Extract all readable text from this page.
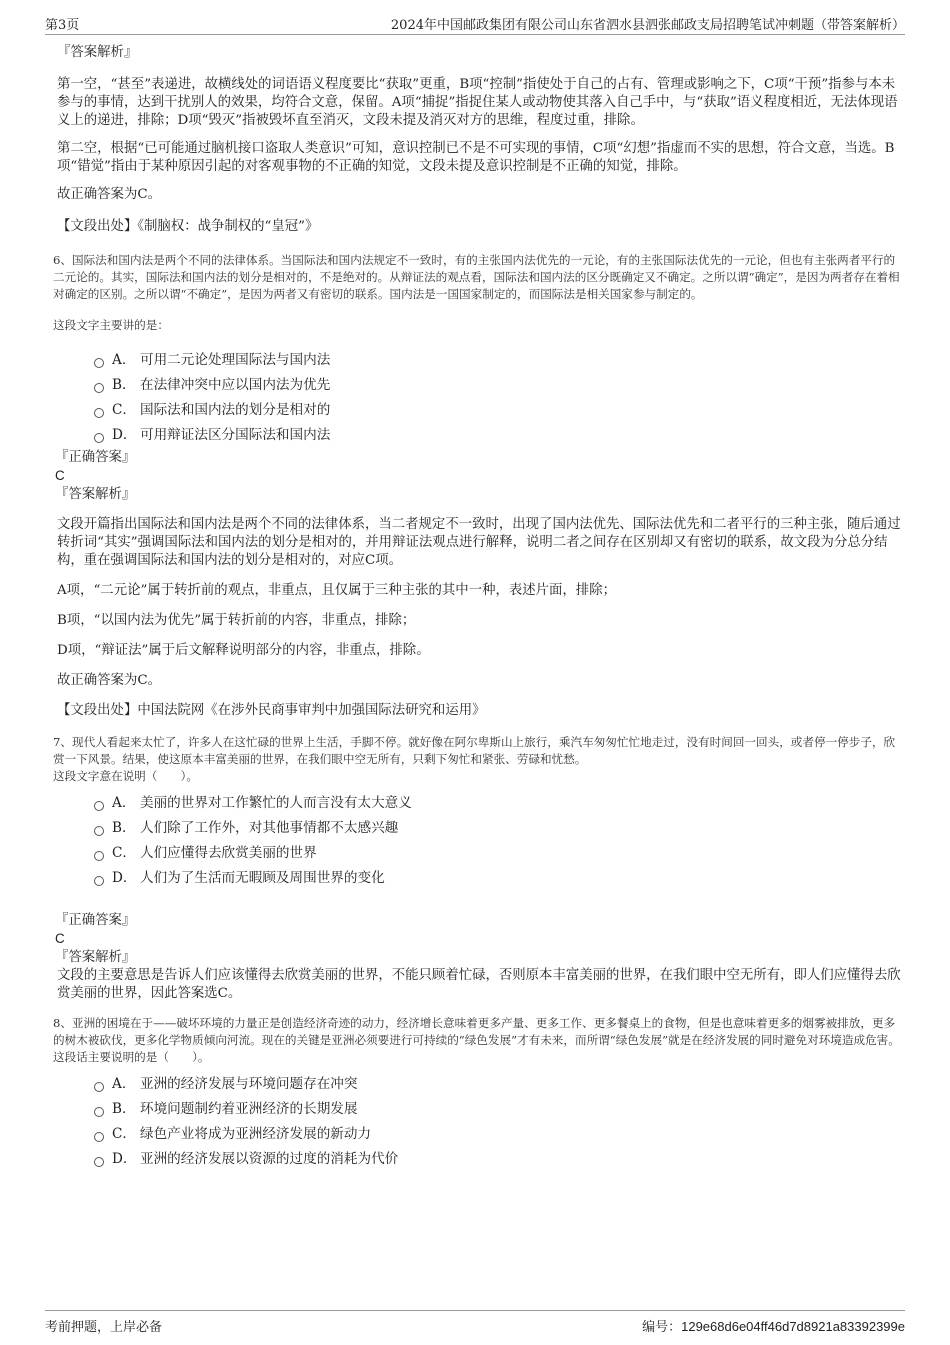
第3页	2024年中国邮政集团有限公司山东省泗水县泗张邮政支局招聘笔试冲刺题（带答案解析）

『答案解析』

第一空，“甚至”表递进，故横线处的词语语义程度要比“获取”更重，B项“控制”指使处于自己的占有、管理或影响之下，C项“干预”指参与本未参与的事情，达到干扰别人的效果，均符合文意，保留。A项“捕捉”指捉住某人或动物使其落入自己手中，与“获取”语义程度相近，无法体现语义上的递进，排除；D项“毁灭”指被毁坏直至消灭，文段未提及消灭对方的思维，程度过重，排除。

第二空，根据“已可能通过脑机接口盗取人类意识”可知，意识控制已不是不可实现的事情，C项“幻想”指虚而不实的思想，符合文意，当选。B项“错觉”指由于某种原因引起的对客观事物的不正确的知觉，文段未提及意识控制是不正确的知觉，排除。

故正确答案为C。

【文段出处】《制脑权：战争制权的“皇冠”》

6、国际法和国内法是两个不同的法律体系。当国际法和国内法规定不一致时，有的主张国内法优先的一元论，有的主张国际法优先的一元论，但也有主张两者平行的二元论的。其实，国际法和国内法的划分是相对的，不是绝对的。从辩证法的观点看，国际法和国内法的区分既确定又不确定。之所以谓“确定”，是因为两者存在着相对确定的区别。之所以谓“不确定”，是因为两者又有密切的联系。国内法是一国国家制定的，而国际法是相关国家参与制定的。

这段文字主要讲的是：

A． 可用二元论处理国际法与国内法
B． 在法律冲突中应以国内法为优先
C． 国际法和国内法的划分是相对的
D． 可用辩证法区分国际法和国内法

『正确答案』

C

『答案解析』

文段开篇指出国际法和国内法是两个不同的法律体系，当二者规定不一致时，出现了国内法优先、国际法优先和二者平行的三种主张，随后通过转折词“其实”强调国际法和国内法的划分是相对的，并用辩证法观点进行解释，说明二者之间存在区别却又有密切的联系，故文段为分总分结构，重在强调国际法和国内法的划分是相对的，对应C项。

A项，“二元论”属于转折前的观点，非重点，且仅属于三种主张的其中一种，表述片面，排除；

B项，“以国内法为优先”属于转折前的内容，非重点，排除；

D项，“辩证法”属于后文解释说明部分的内容，非重点，排除。

故正确答案为C。

【文段出处】中国法院网《在涉外民商事审判中加强国际法研究和运用》

7、现代人看起来太忙了，许多人在这忙碌的世界上生活，手脚不停。就好像在阿尔卑斯山上旅行，乘汽车匆匆忙忙地走过，没有时间回一回头，或者停一停步子，欣赏一下风景。结果，使这原本丰富美丽的世界，在我们眼中空无所有，只剩下匆忙和紧张、劳碌和忧愁。

这段文字意在说明（　　）。

A． 美丽的世界对工作繁忙的人而言没有太大意义
B． 人们除了工作外，对其他事情都不太感兴趣
C． 人们应懂得去欣赏美丽的世界
D． 人们为了生活而无暇顾及周围世界的变化

『正确答案』

C

『答案解析』

文段的主要意思是告诉人们应该懂得去欣赏美丽的世界，不能只顾着忙碌，否则原本丰富美丽的世界，在我们眼中空无所有，即人们应懂得去欣赏美丽的世界，因此答案选C。

8、亚洲的困境在于——破坏环境的力量正是创造经济奇迹的动力，经济增长意味着更多产量、更多工作、更多餐桌上的食物，但是也意味着更多的烟雾被排放，更多的树木被砍伐，更多化学物质倾向河流。现在的关键是亚洲必须要进行可持续的“绿色发展”才有未来，而所谓“绿色发展”就是在经济发展的同时避免对环境造成危害。

这段话主要说明的是（　　）。

A． 亚洲的经济发展与环境问题存在冲突
B． 环境问题制约着亚洲经济的长期发展
C． 绿色产业将成为亚洲经济发展的新动力
D． 亚洲的经济发展以资源的过度的消耗为代价
考前押题，上岸必备	编号：129e68d6e04ff46d7d8921a83392399e
